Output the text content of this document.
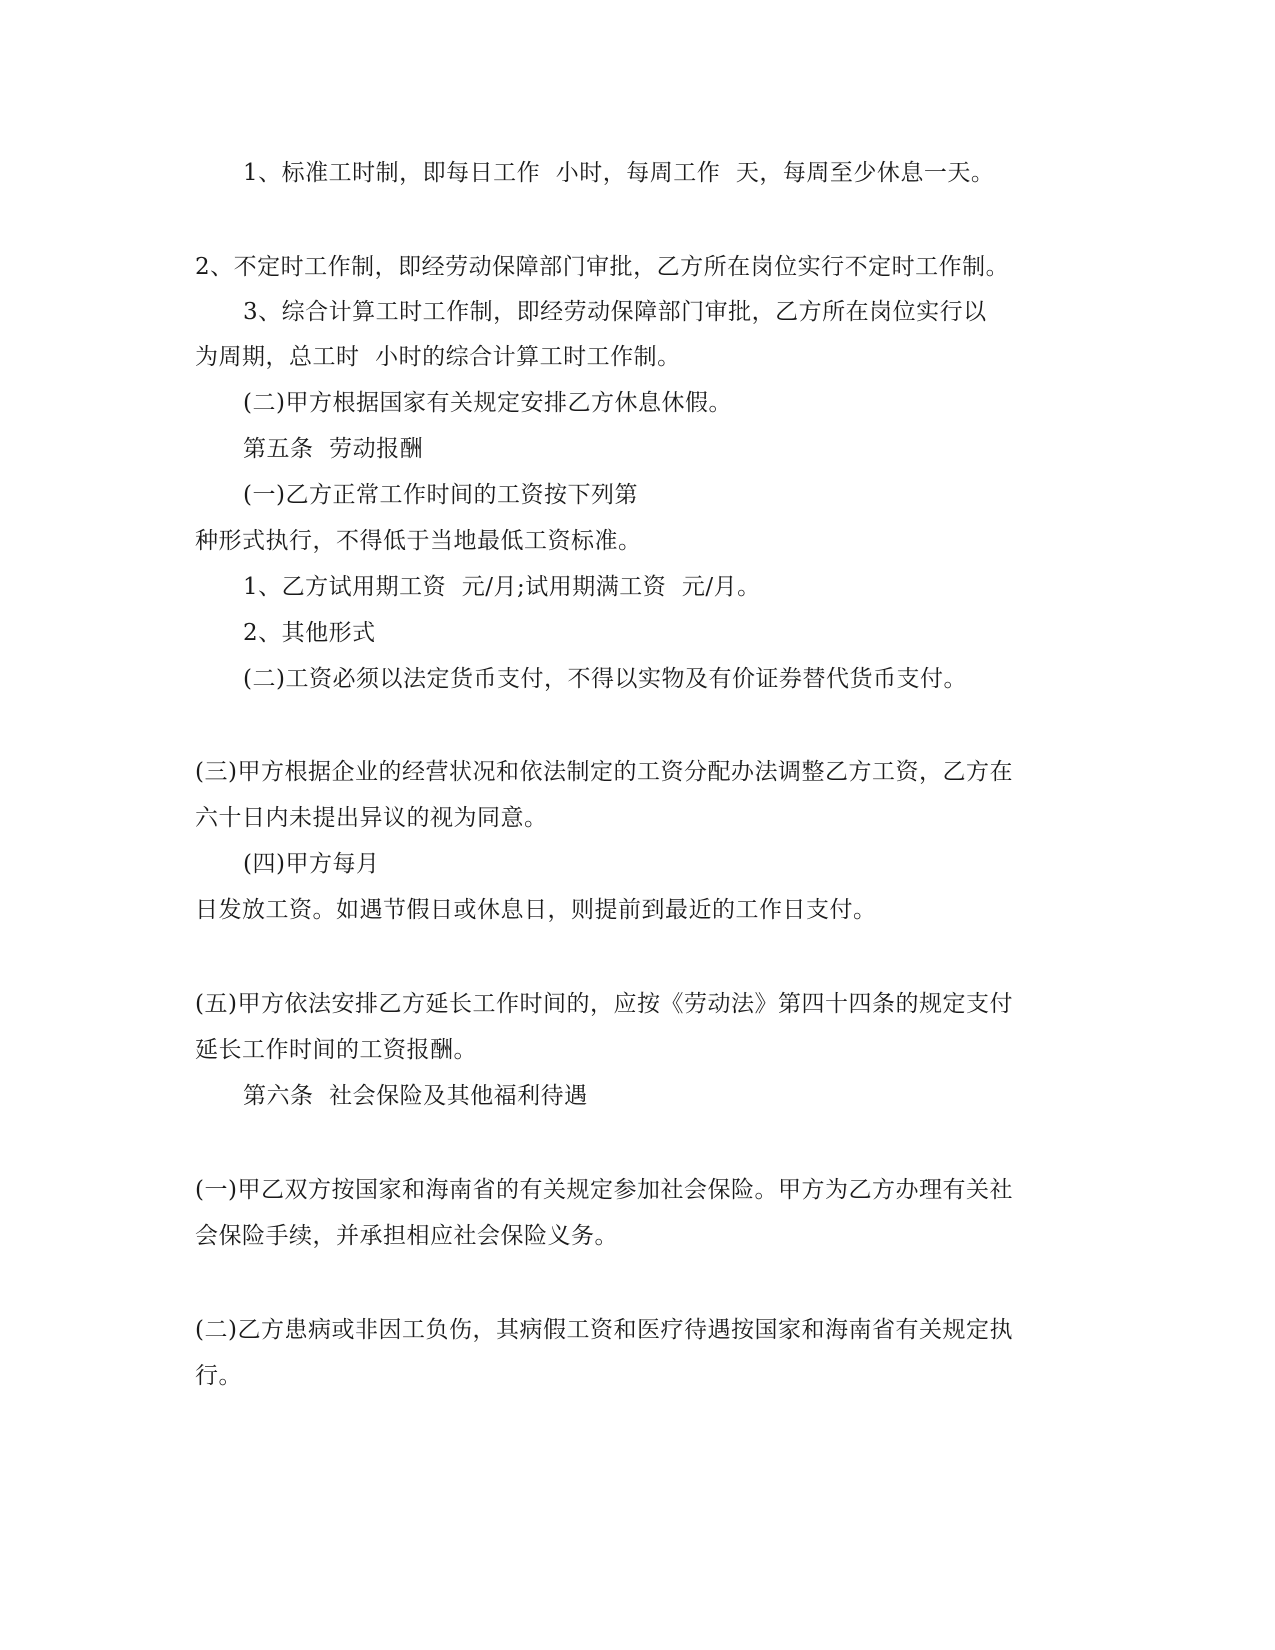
1、标准工时制，即每日工作  小时，每周工作  天，每周至少休息一天。
2、不定时工作制，即经劳动保障部门审批，乙方所在岗位实行不定时工作制。
3、综合计算工时工作制，即经劳动保障部门审批，乙方所在岗位实行以
为周期，总工时  小时的综合计算工时工作制。
(二)甲方根据国家有关规定安排乙方休息休假。
第五条  劳动报酬
(一)乙方正常工作时间的工资按下列第
种形式执行，不得低于当地最低工资标准。
1、乙方试用期工资  元/月;试用期满工资  元/月。
2、其他形式
(二)工资必须以法定货币支付，不得以实物及有价证券替代货币支付。
(三)甲方根据企业的经营状况和依法制定的工资分配办法调整乙方工资，乙方在
六十日内未提出异议的视为同意。
(四)甲方每月
日发放工资。如遇节假日或休息日，则提前到最近的工作日支付。
(五)甲方依法安排乙方延长工作时间的，应按《劳动法》第四十四条的规定支付
延长工作时间的工资报酬。
第六条  社会保险及其他福利待遇
(一)甲乙双方按国家和海南省的有关规定参加社会保险。甲方为乙方办理有关社
会保险手续，并承担相应社会保险义务。
(二)乙方患病或非因工负伤，其病假工资和医疗待遇按国家和海南省有关规定执
行。
